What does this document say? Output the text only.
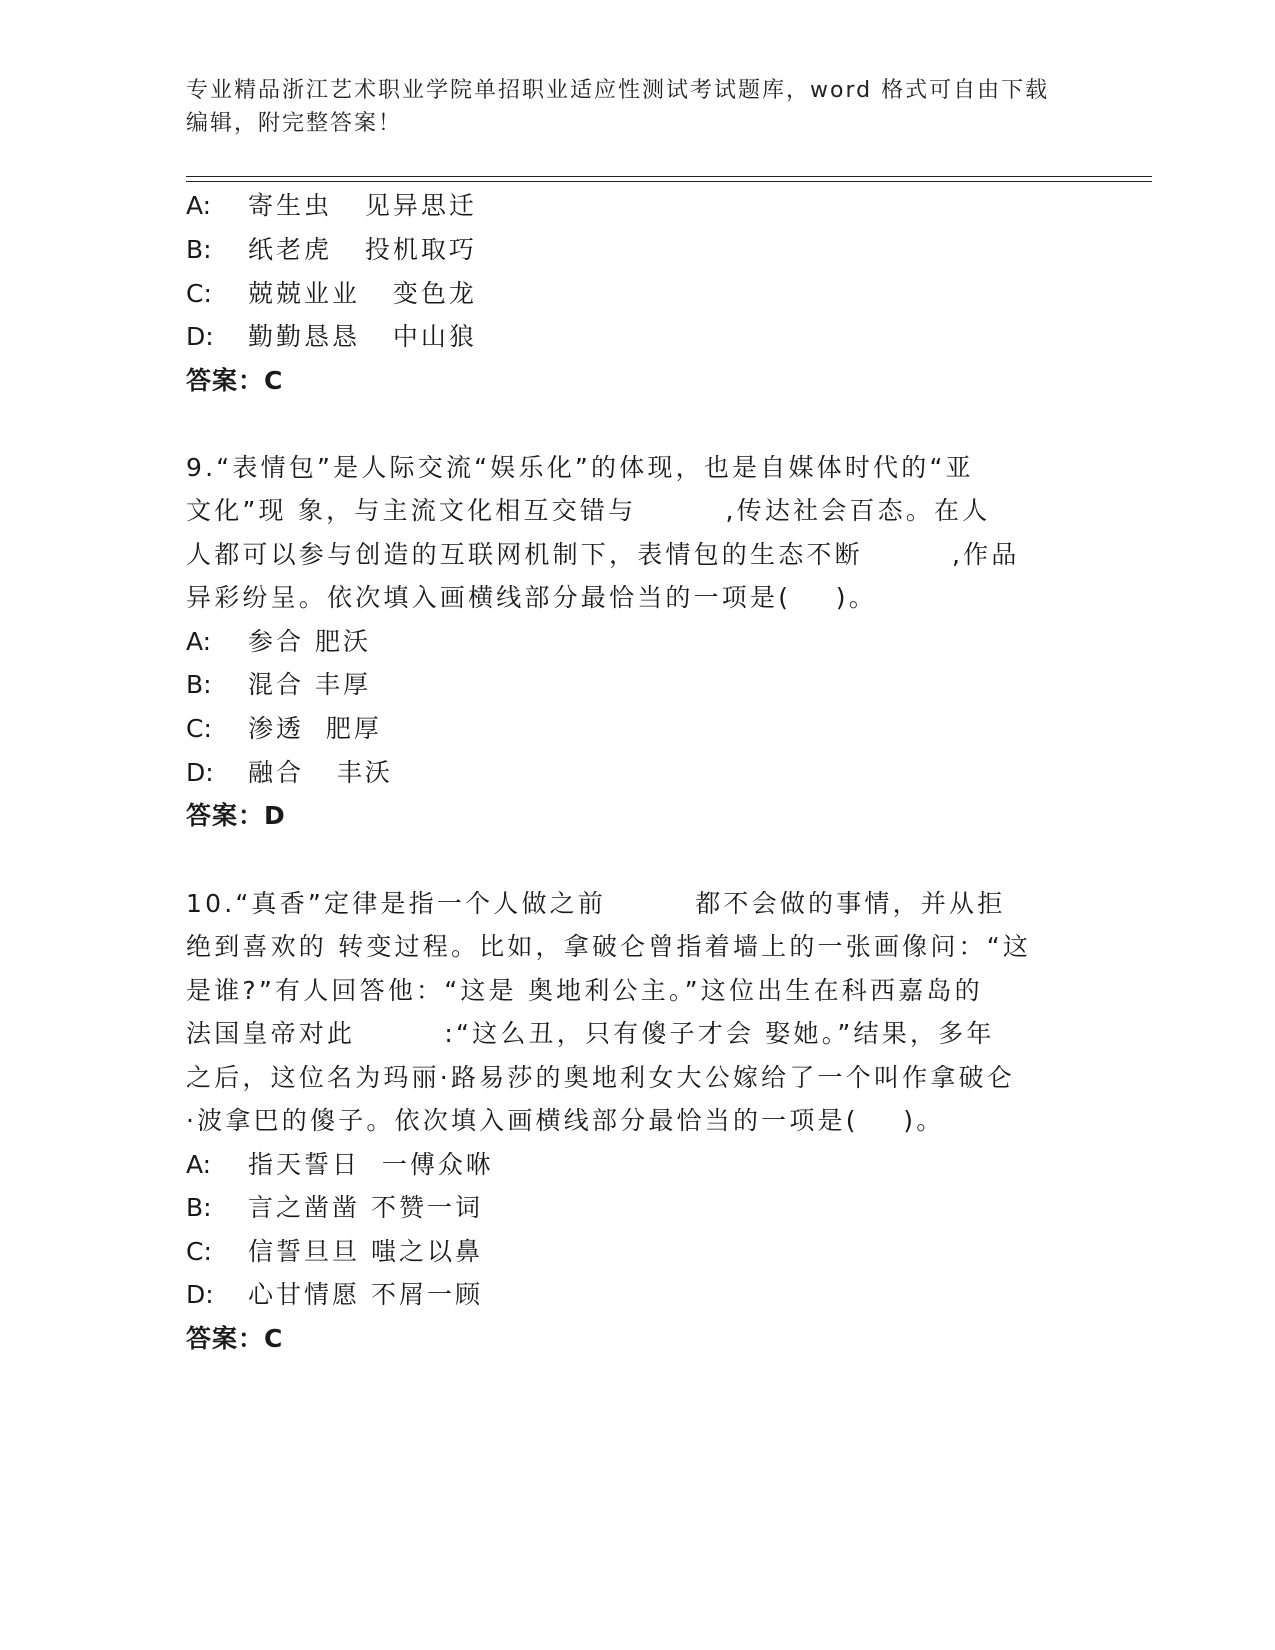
专业精品浙江艺术职业学院单招职业适应性测试考试题库，word 格式可自由下载
编辑，附完整答案！
A: 寄生虫   见异思迁
B: 纸老虎   投机取巧
C: 兢兢业业   变色龙
D: 勤勤恳恳   中山狼
答案：C
9.“表情包”是人际交流“娱乐化”的体现，也是自媒体时代的“亚
文化”现 象，与主流文化相互交错与        ,传达社会百态。在人
人都可以参与创造的互联网机制下，表情包的生态不断        ,作品
异彩纷呈。依次填入画横线部分最恰当的一项是(    )。
A: 参合 肥沃
B: 混合 丰厚
C: 渗透  肥厚
D: 融合   丰沃
答案：D
10.“真香”定律是指一个人做之前        都不会做的事情，并从拒
绝到喜欢的 转变过程。比如，拿破仑曾指着墙上的一张画像问：“这
是谁?”有人回答他：“这是 奥地利公主。”这位出生在科西嘉岛的
法国皇帝对此        :“这么丑，只有傻子才会 娶她。”结果，多年
之后，这位名为玛丽·路易莎的奥地利女大公嫁给了一个叫作拿破仑
·波拿巴的傻子。依次填入画横线部分最恰当的一项是(    )。
A: 指天誓日  一傅众咻
B: 言之凿凿 不赞一词
C: 信誓旦旦 嗤之以鼻
D: 心甘情愿 不屑一顾
答案：C
